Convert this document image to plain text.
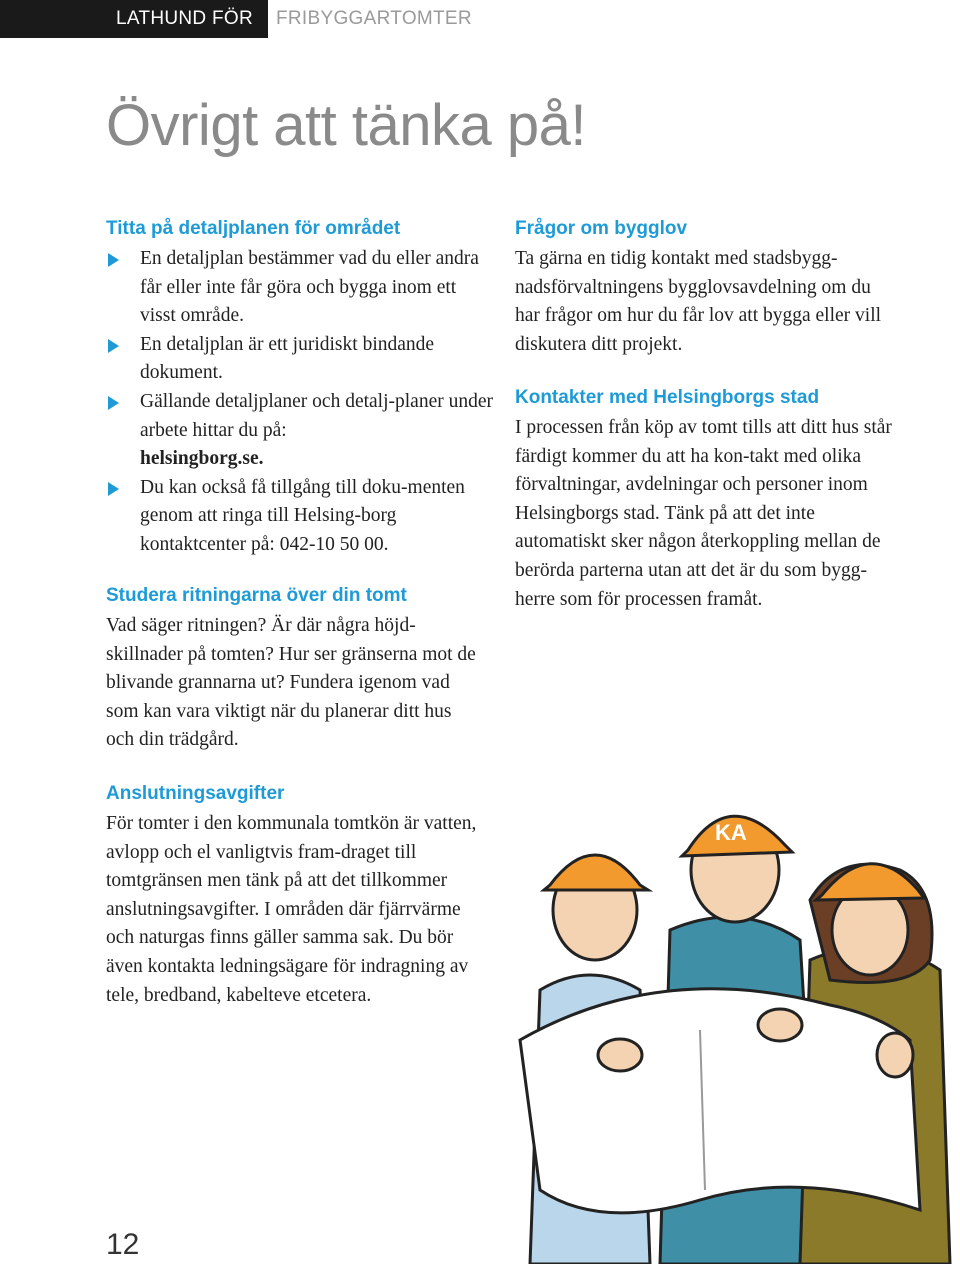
LATHUND FÖR	FRIBYGGARTOMTER
Övrigt att tänka på!
Titta på detaljplanen för området
En detaljplan bestämmer vad du eller andra får eller inte får göra och bygga inom ett visst område.
En detaljplan är ett juridiskt bindande dokument.
Gällande detaljplaner och detalj-planer under arbete hittar du på:
helsingborg.se.
Du kan också få tillgång till doku-menten genom att ringa till Helsing-borg kontaktcenter på: 042-10 50 00.
Studera ritningarna över din tomt

Vad säger ritningen? Är där några höjd-skillnader på tomten? Hur ser gränserna mot de blivande grannarna ut? Fundera igenom vad som kan vara viktigt när du planerar ditt hus och din trädgård.

Anslutningsavgifter

För tomter i den kommunala tomtkön är vatten, avlopp och el vanligtvis fram-draget till tomtgränsen men tänk på att det tillkommer anslutningsavgifter. I områden där fjärrvärme och naturgas finns gäller samma sak. Du bör även kontakta ledningsägare för indragning av tele, bredband, kabelteve etcetera.

Frågor om bygglov

Ta gärna en tidig kontakt med stadsbygg-nadsförvaltningens bygglovsavdelning om du har frågor om hur du får lov att bygga eller vill diskutera ditt projekt.

Kontakter med Helsingborgs stad

I processen från köp av tomt tills att ditt hus står färdigt kommer du att ha kon-takt med olika förvaltningar, avdelningar och personer inom Helsingborgs stad. Tänk på att det inte automatiskt sker någon återkoppling mellan de berörda parterna utan att det är du som bygg-herre som för processen framåt.

KA
12
